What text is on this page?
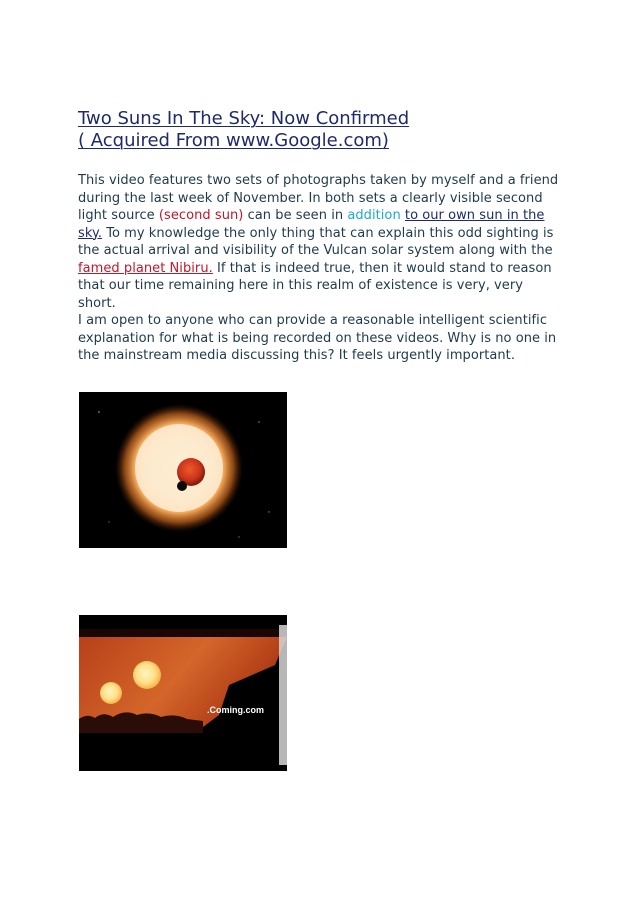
Two Suns In The Sky: Now Confirmed
( Acquired From www.Google.com)

This video features two sets of photographs taken by myself and a friend during the last week of November. In both sets a clearly visible second light source (second sun) can be seen in addition to our own sun in the sky. To my knowledge the only thing that can explain this odd sighting is the actual arrival and visibility of the Vulcan solar system along with the famed planet Nibiru. If that is indeed true, then it would stand to reason that our time remaining here in this realm of existence is very, very short.

I am open to anyone who can provide a reasonable intelligent scientific explanation for what is being recorded on these videos. Why is no one in the mainstream media discussing this? It feels urgently important.

.Coming.com
